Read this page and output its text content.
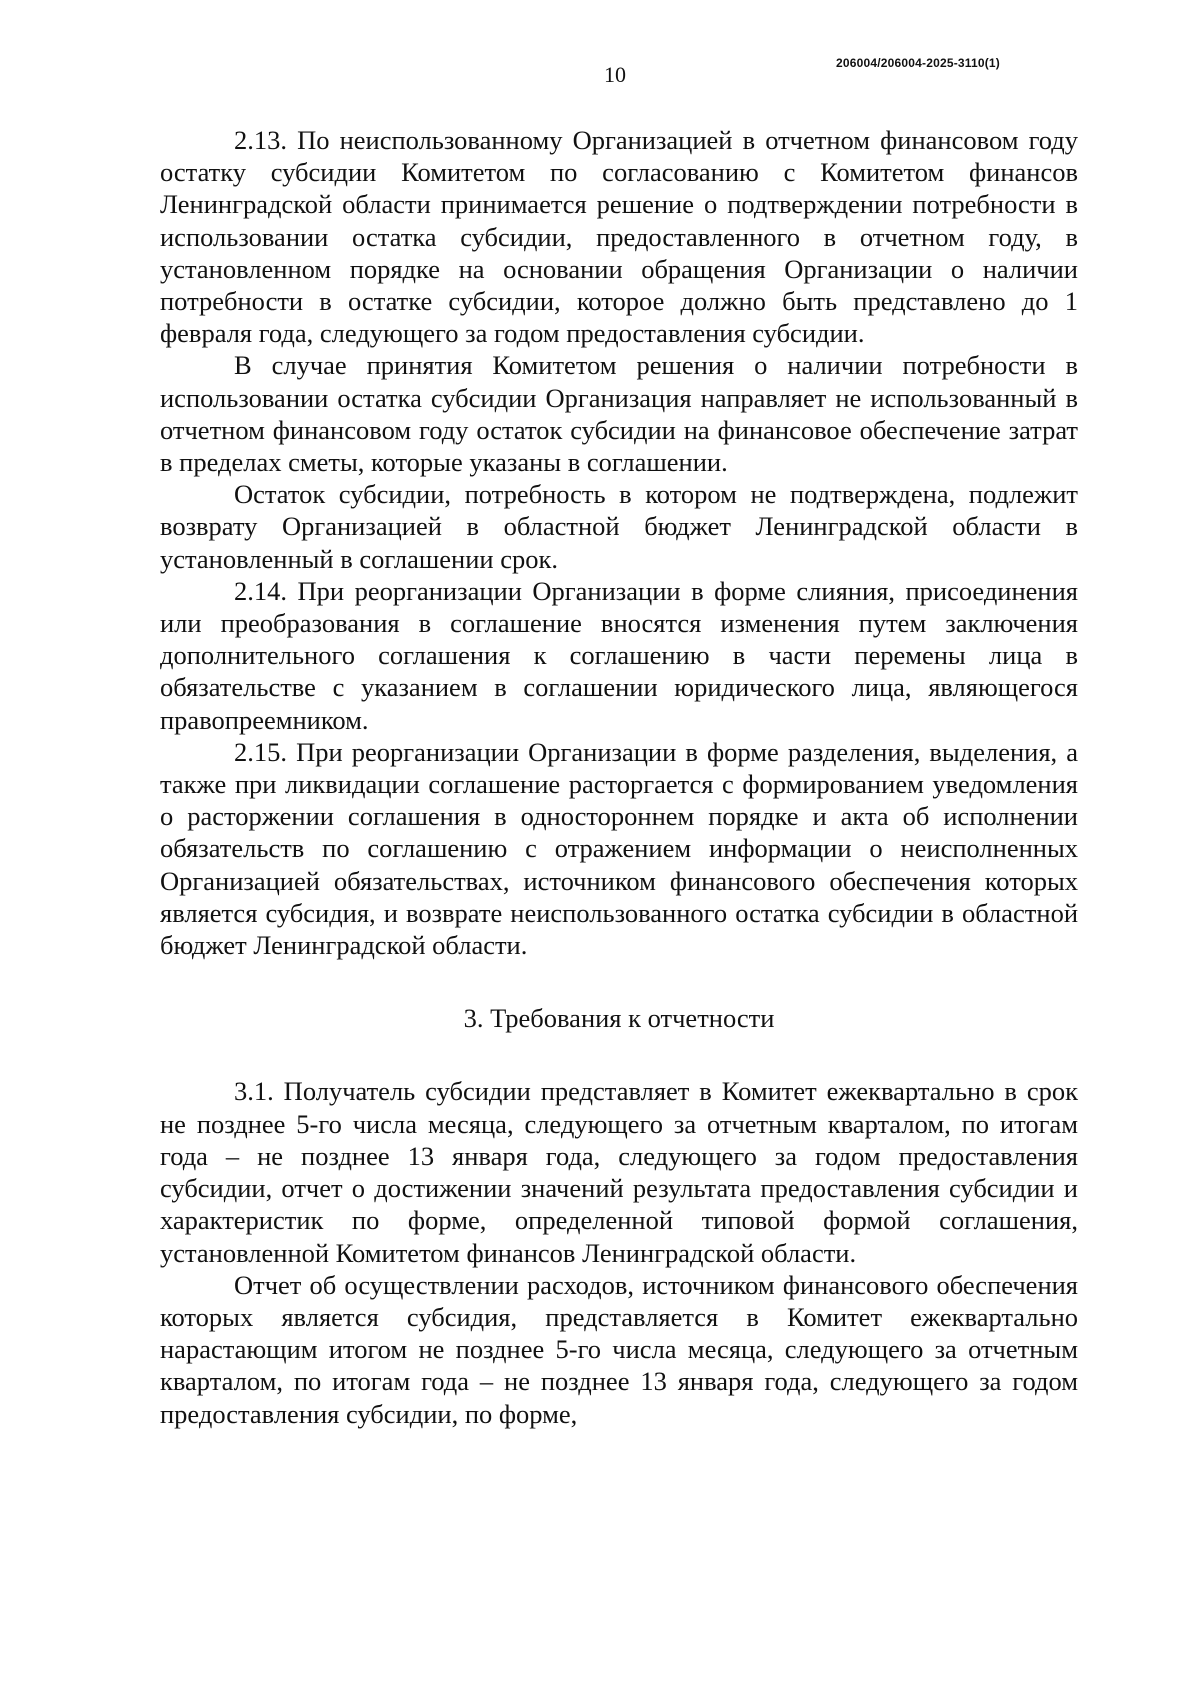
10	206004/206004-2025-3110(1)

2.13. По неиспользованному Организацией в отчетном финансовом году остатку субсидии Комитетом по согласованию с Комитетом финансов Ленинградской области принимается решение о подтверждении потребности в использовании остатка субсидии, предоставленного в отчетном году, в установленном порядке на основании обращения Организации о наличии потребности в остатке субсидии, которое должно быть представлено до 1 февраля года, следующего за годом предоставления субсидии.

В случае принятия Комитетом решения о наличии потребности в использовании остатка субсидии Организация направляет не использованный в отчетном финансовом году остаток субсидии на финансовое обеспечение затрат в пределах сметы, которые указаны в соглашении.

Остаток субсидии, потребность в котором не подтверждена, подлежит возврату Организацией в областной бюджет Ленинградской области в установленный в соглашении срок.

2.14. При реорганизации Организации в форме слияния, присоединения или преобразования в соглашение вносятся изменения путем заключения дополнительного соглашения к соглашению в части перемены лица в обязательстве с указанием в соглашении юридического лица, являющегося правопреемником.

2.15. При реорганизации Организации в форме разделения, выделения, а также при ликвидации соглашение расторгается с формированием уведомления о расторжении соглашения в одностороннем порядке и акта об исполнении обязательств по соглашению с отражением информации о неисполненных Организацией обязательствах, источником финансового обеспечения которых является субсидия, и возврате неиспользованного остатка субсидии в областной бюджет Ленинградской области.

3. Требования к отчетности

3.1. Получатель субсидии представляет в Комитет ежеквартально в срок не позднее 5-го числа месяца, следующего за отчетным кварталом, по итогам года – не позднее 13 января года, следующего за годом предоставления субсидии, отчет о достижении значений результата предоставления субсидии и характеристик по форме, определенной типовой формой соглашения, установленной Комитетом финансов Ленинградской области.

Отчет об осуществлении расходов, источником финансового обеспечения которых является субсидия, представляется в Комитет ежеквартально нарастающим итогом не позднее 5-го числа месяца, следующего за отчетным кварталом, по итогам года – не позднее 13 января года, следующего за годом предоставления субсидии, по форме,
